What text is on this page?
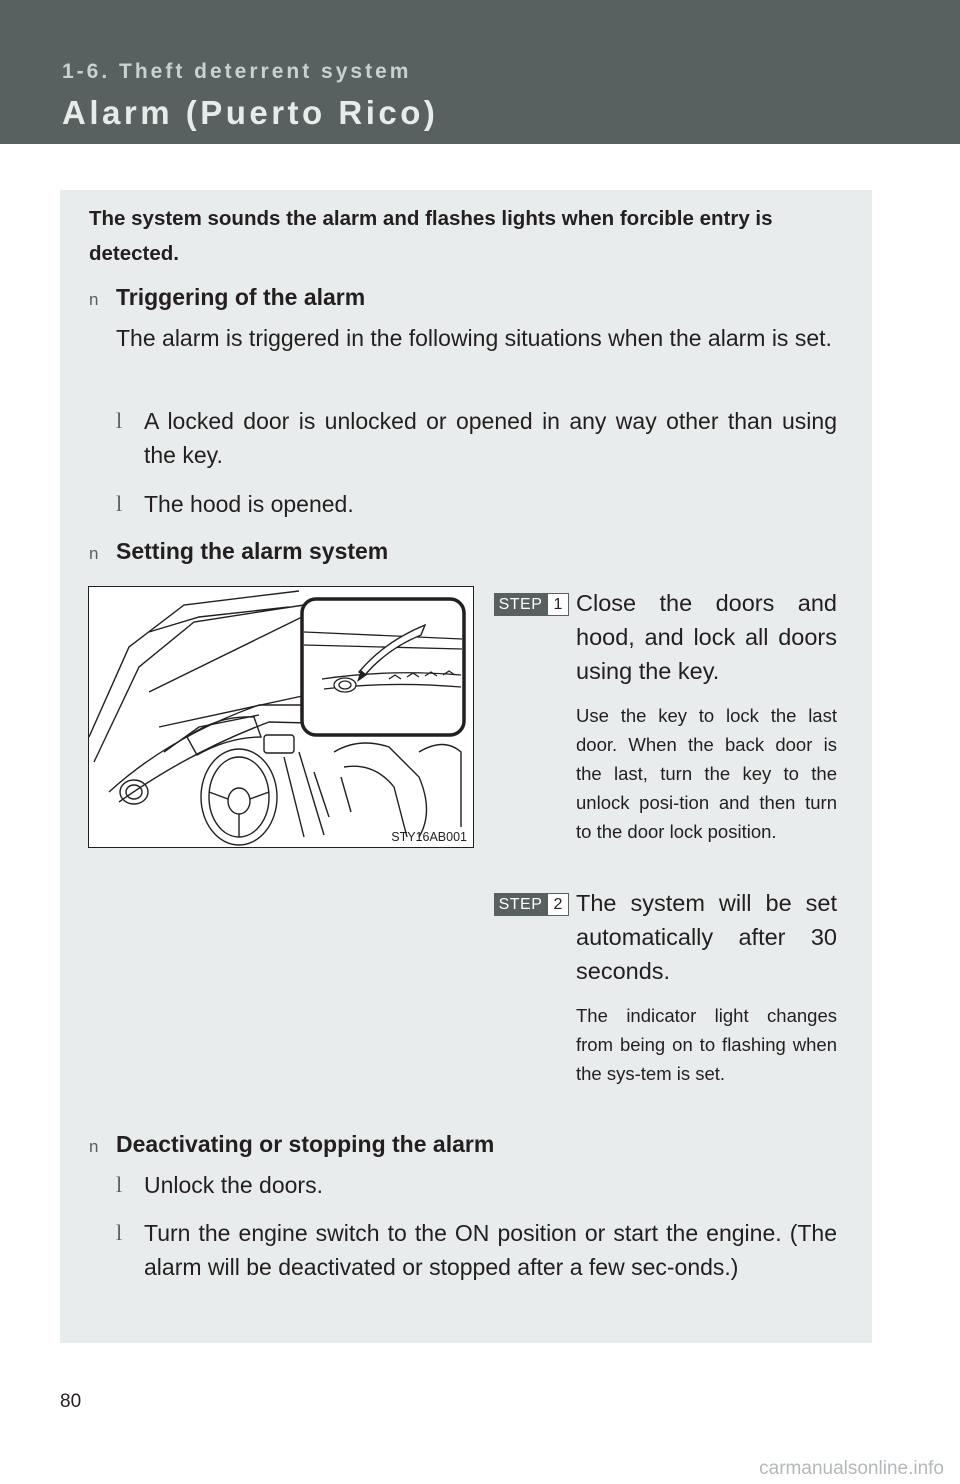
1-6. Theft deterrent system
Alarm (Puerto Rico)
The system sounds the alarm and flashes lights when forcible entry is detected.
n Triggering of the alarm
The alarm is triggered in the following situations when the alarm is set.
l A locked door is unlocked or opened in any way other than using the key.
l The hood is opened.
n Setting the alarm system
STY16AB001
STEP 1 Close the doors and hood, and lock all doors using the key.
Use the key to lock the last door. When the back door is the last, turn the key to the unlock posi-tion and then turn to the door lock position.
STEP 2 The system will be set automatically after 30 seconds.
The indicator light changes from being on to flashing when the sys-tem is set.
n Deactivating or stopping the alarm
l Unlock the doors.
l Turn the engine switch to the ON position or start the engine. (The alarm will be deactivated or stopped after a few sec-onds.)
80
carmanualsonline.info
